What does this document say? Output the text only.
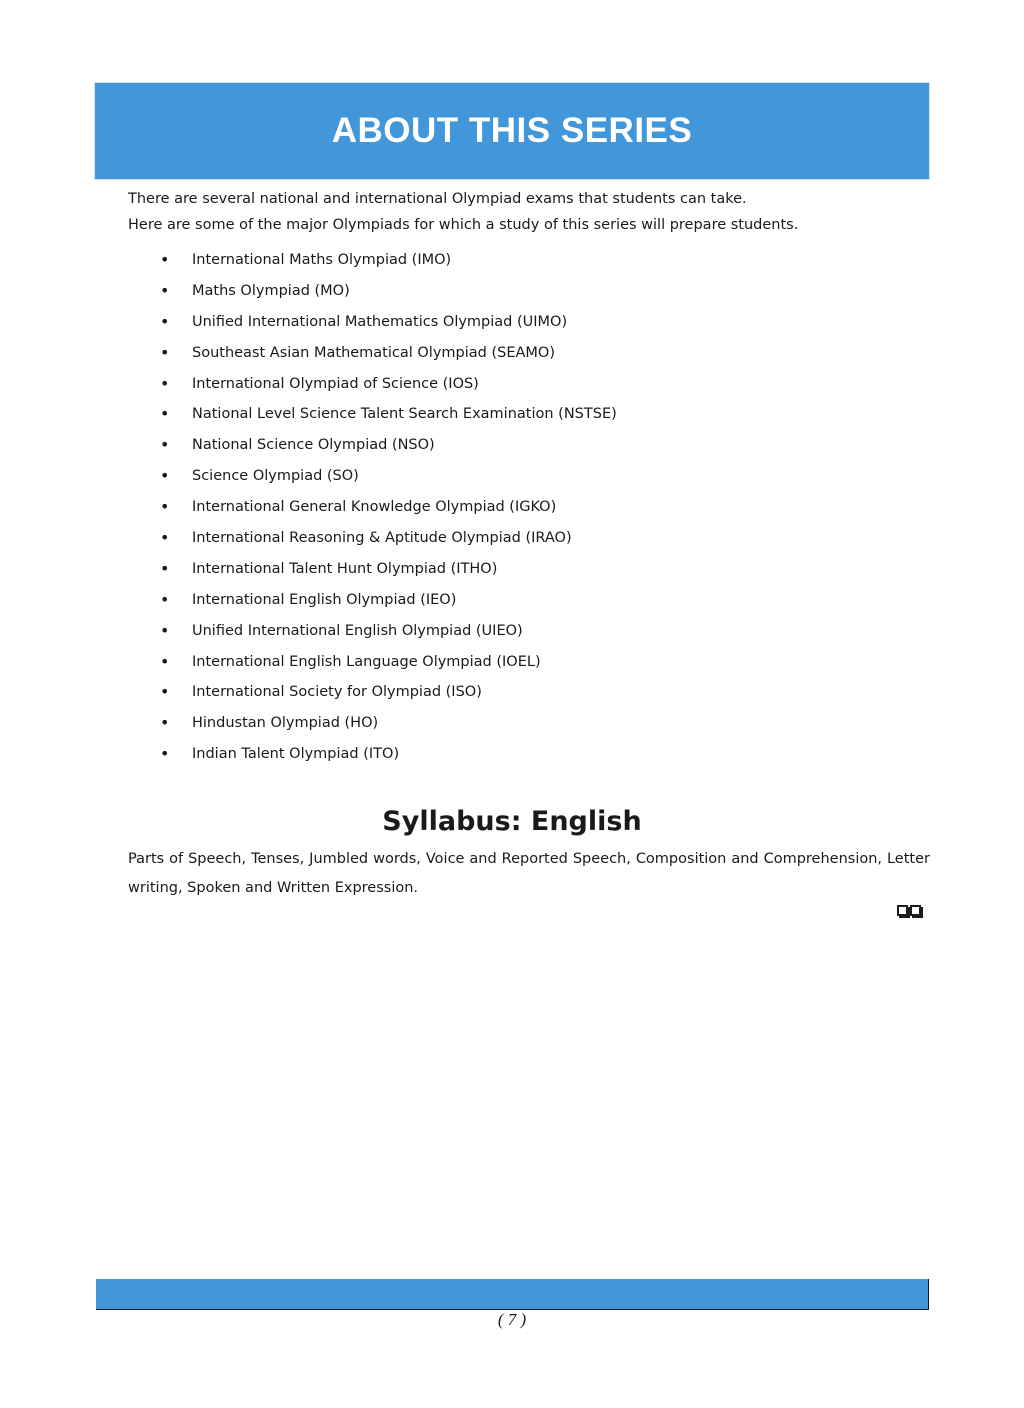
ABOUT THIS SERIES

There are several national and international Olympiad exams that students can take.

Here are some of the major Olympiads for which a study of this series will prepare students.

•	International Maths Olympiad (IMO)
•	Maths Olympiad (MO)
•	Unified International Mathematics Olympiad (UIMO)
•	Southeast Asian Mathematical Olympiad (SEAMO)
•	International Olympiad of Science (IOS)
•	National Level Science Talent Search Examination (NSTSE)
•	National Science Olympiad (NSO)
•	Science Olympiad (SO)
•	International General Knowledge Olympiad (IGKO)
•	International Reasoning & Aptitude Olympiad (IRAO)
•	International Talent Hunt Olympiad (ITHO)
•	International English Olympiad (IEO)
•	Unified International English Olympiad (UIEO)
•	International English Language Olympiad (IOEL)
•	International Society for Olympiad (ISO)
•	Hindustan Olympiad (HO)
•	Indian Talent Olympiad (ITO)
Syllabus: English

Parts of Speech, Tenses, Jumbled words, Voice and Reported Speech, Composition and Comprehension, Letter writing, Spoken and Written Expression.

( 7 )
